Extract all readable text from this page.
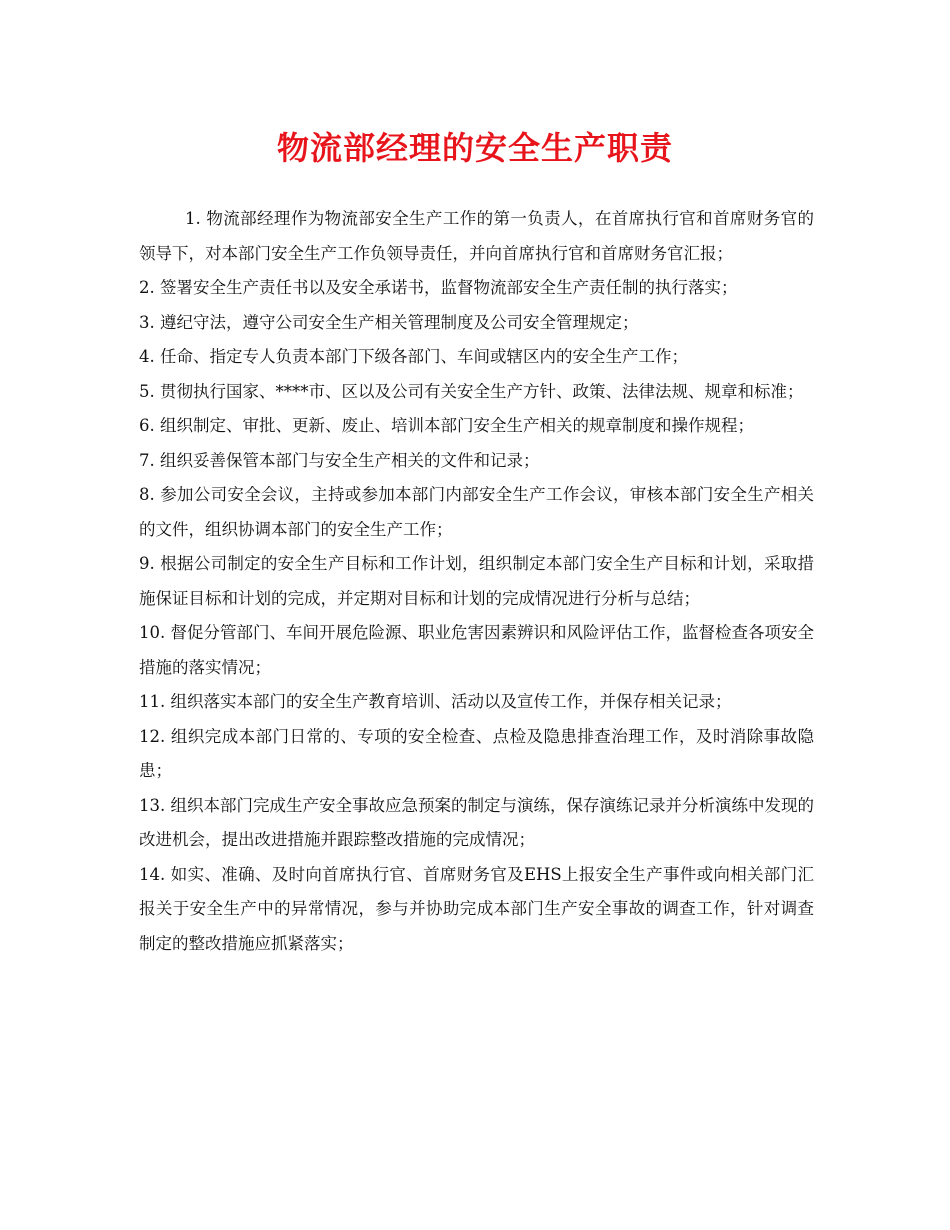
物流部经理的安全生产职责

1. 物流部经理作为物流部安全生产工作的第一负责人，在首席执行官和首席财务官的领导下，对本部门安全生产工作负领导责任，并向首席执行官和首席财务官汇报；

2. 签署安全生产责任书以及安全承诺书，监督物流部安全生产责任制的执行落实；

3. 遵纪守法，遵守公司安全生产相关管理制度及公司安全管理规定；

4. 任命、指定专人负责本部门下级各部门、车间或辖区内的安全生产工作；

5. 贯彻执行国家、****市、区以及公司有关安全生产方针、政策、法律法规、规章和标准；

6. 组织制定、审批、更新、废止、培训本部门安全生产相关的规章制度和操作规程；

7. 组织妥善保管本部门与安全生产相关的文件和记录；

8. 参加公司安全会议，主持或参加本部门内部安全生产工作会议，审核本部门安全生产相关的文件，组织协调本部门的安全生产工作；

9. 根据公司制定的安全生产目标和工作计划，组织制定本部门安全生产目标和计划，采取措施保证目标和计划的完成，并定期对目标和计划的完成情况进行分析与总结；

10. 督促分管部门、车间开展危险源、职业危害因素辨识和风险评估工作，监督检查各项安全措施的落实情况；

11. 组织落实本部门的安全生产教育培训、活动以及宣传工作，并保存相关记录；

12. 组织完成本部门日常的、专项的安全检查、点检及隐患排查治理工作，及时消除事故隐患；

13. 组织本部门完成生产安全事故应急预案的制定与演练，保存演练记录并分析演练中发现的改进机会，提出改进措施并跟踪整改措施的完成情况；

14. 如实、准确、及时向首席执行官、首席财务官及EHS上报安全生产事件或向相关部门汇报关于安全生产中的异常情况，参与并协助完成本部门生产安全事故的调查工作，针对调查制定的整改措施应抓紧落实；
